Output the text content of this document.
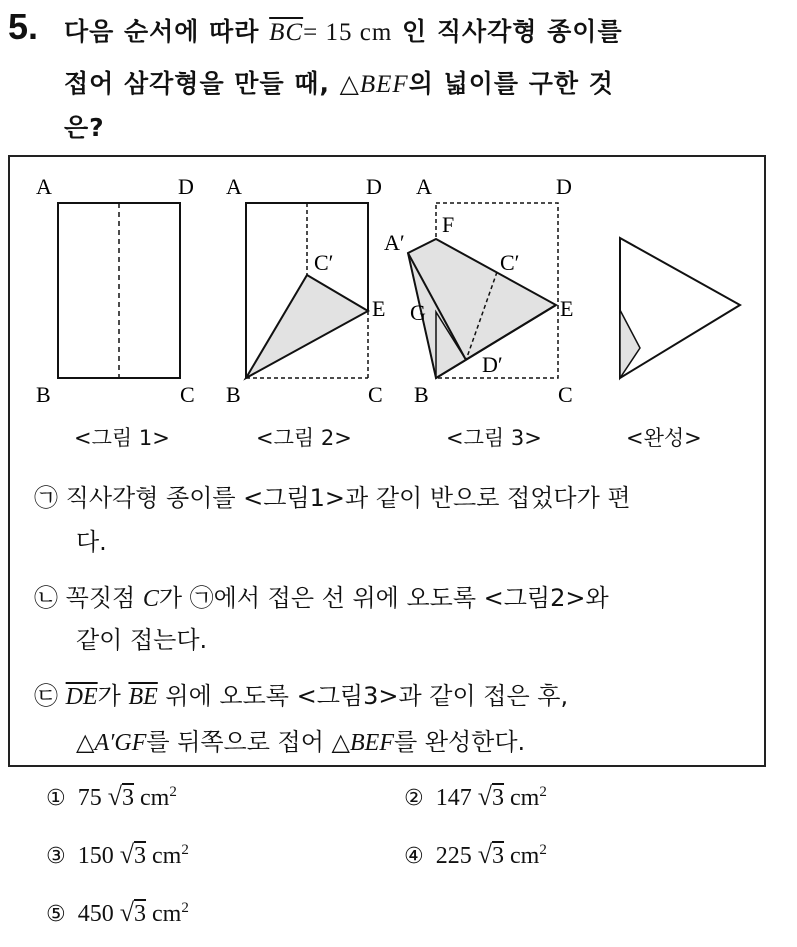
5. 다음 순서에 따라 $\overline{BC}= 15$ cm 인 직사각형 종이를
접어 삼각형을 만들 때, △BEF의 넓이를 구한 것
은?
A	D
B	C
A	D
C′
E
B	C
A	D
F
A′
C′
G	E
D′
B	C
<그림 1>	<그림 2>	<그림 3>	<완성>
㉠ 직사각형 종이를 <그림1>과 같이 반으로 접었다가 편
다.
㉡ 꼭짓점 C가 ㉠에서 접은 선 위에 오도록 <그림2>와
같이 접는다.
㉢ $\overline{DE}$가 $\overline{BE}$ 위에 오도록 <그림3>과 같이 접은 후,
△A′GF를 뒤쪽으로 접어 △BEF를 완성한다.
① 75 √3 $cm^2$	② 147 √3 $cm^2$
③ 150 √3 $cm^2$	④ 225 √3 $cm^2$
⑤ 450 √3 $cm^2$
